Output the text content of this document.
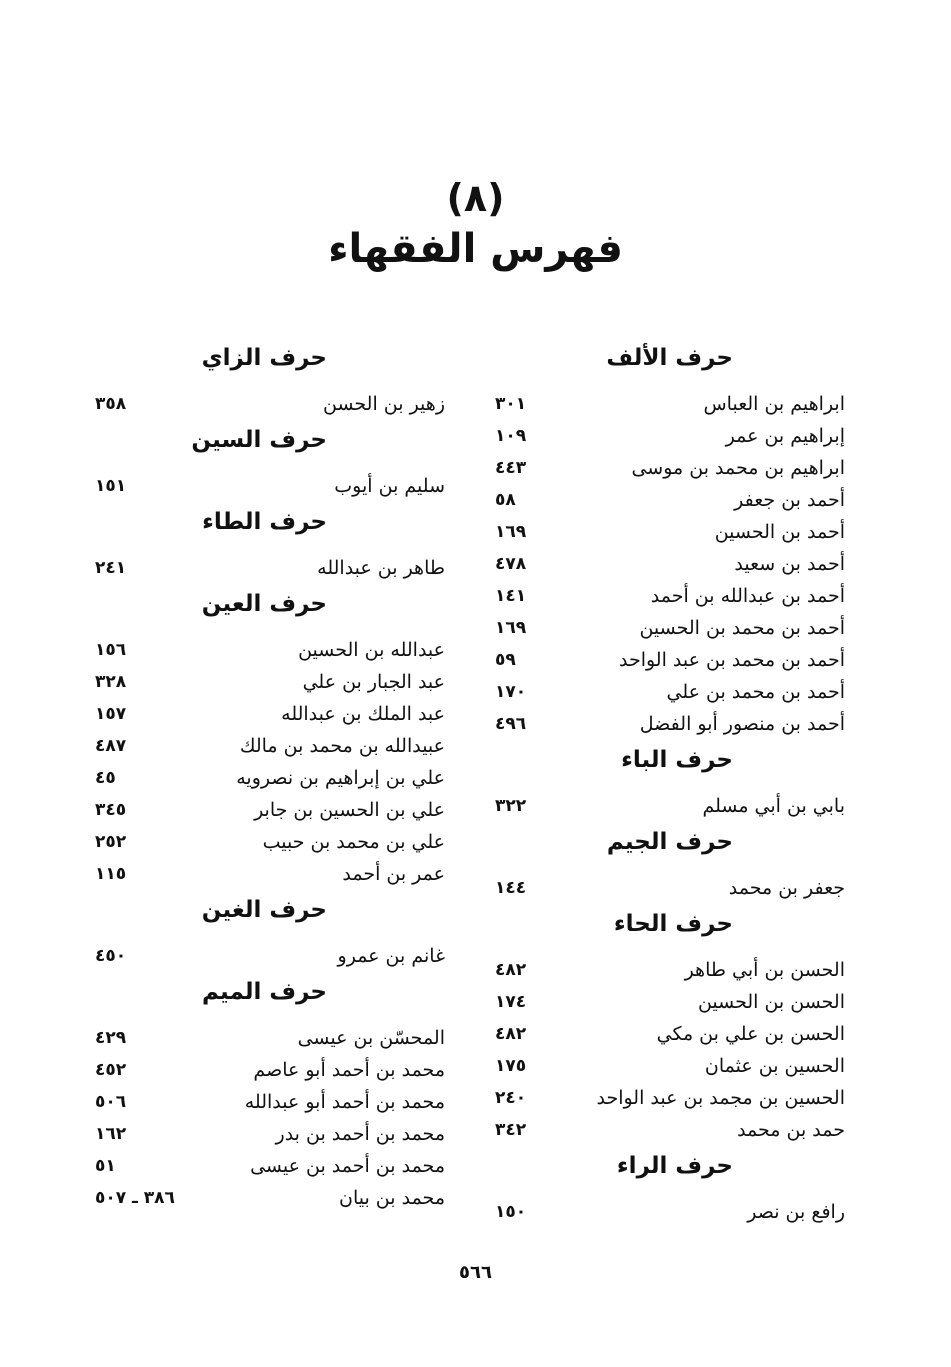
(٨)
فهرس الفقهاء
حرف الألف
ابراهيم بن العباس
٣٠١
إبراهيم بن عمر
١٠٩
ابراهيم بن محمد بن موسى
٤٤٣
أحمد بن جعفر
٥٨
أحمد بن الحسين
١٦٩
أحمد بن سعيد
٤٧٨
أحمد بن عبدالله بن أحمد
١٤١
أحمد بن محمد بن الحسين
١٦٩
أحمد بن محمد بن عبد الواحد
٥٩
أحمد بن محمد بن علي
١٧٠
أحمد بن منصور أبو الفضل
٤٩٦
حرف الباء
بابي بن أبي مسلم
٣٢٢
حرف الجيم
جعفر بن محمد
١٤٤
حرف الحاء
الحسن بن أبي طاهر
٤٨٢
الحسن بن الحسين
١٧٤
الحسن بن علي بن مكي
٤٨٢
الحسين بن عثمان
١٧٥
الحسين بن مجمد بن عبد الواحد
٢٤٠
حمد بن محمد
٣٤٢
حرف الراء
رافع بن نصر
١٥٠
حرف الزاي
زهير بن الحسن
٣٥٨
حرف السين
سليم بن أيوب
١٥١
حرف الطاء
طاهر بن عبدالله
٢٤١
حرف العين
عبدالله بن الحسين
١٥٦
عبد الجبار بن علي
٣٢٨
عبد الملك بن عبدالله
١٥٧
عبيدالله بن محمد بن مالك
٤٨٧
علي بن إبراهيم بن نصرويه
٤٥
علي بن الحسين بن جابر
٣٤٥
علي بن محمد بن حبيب
٢٥٢
عمر بن أحمد
١١٥
حرف الغين
غانم بن عمرو
٤٥٠
حرف الميم
المحسّن بن عيسى
٤٢٩
محمد بن أحمد أبو عاصم
٤٥٢
محمد بن أحمد أبو عبدالله
٥٠٦
محمد بن أحمد بن بدر
١٦٢
محمد بن أحمد بن عيسى
٥١
محمد بن بيان
٣٨٦ ـ ٥٠٧
٥٦٦
